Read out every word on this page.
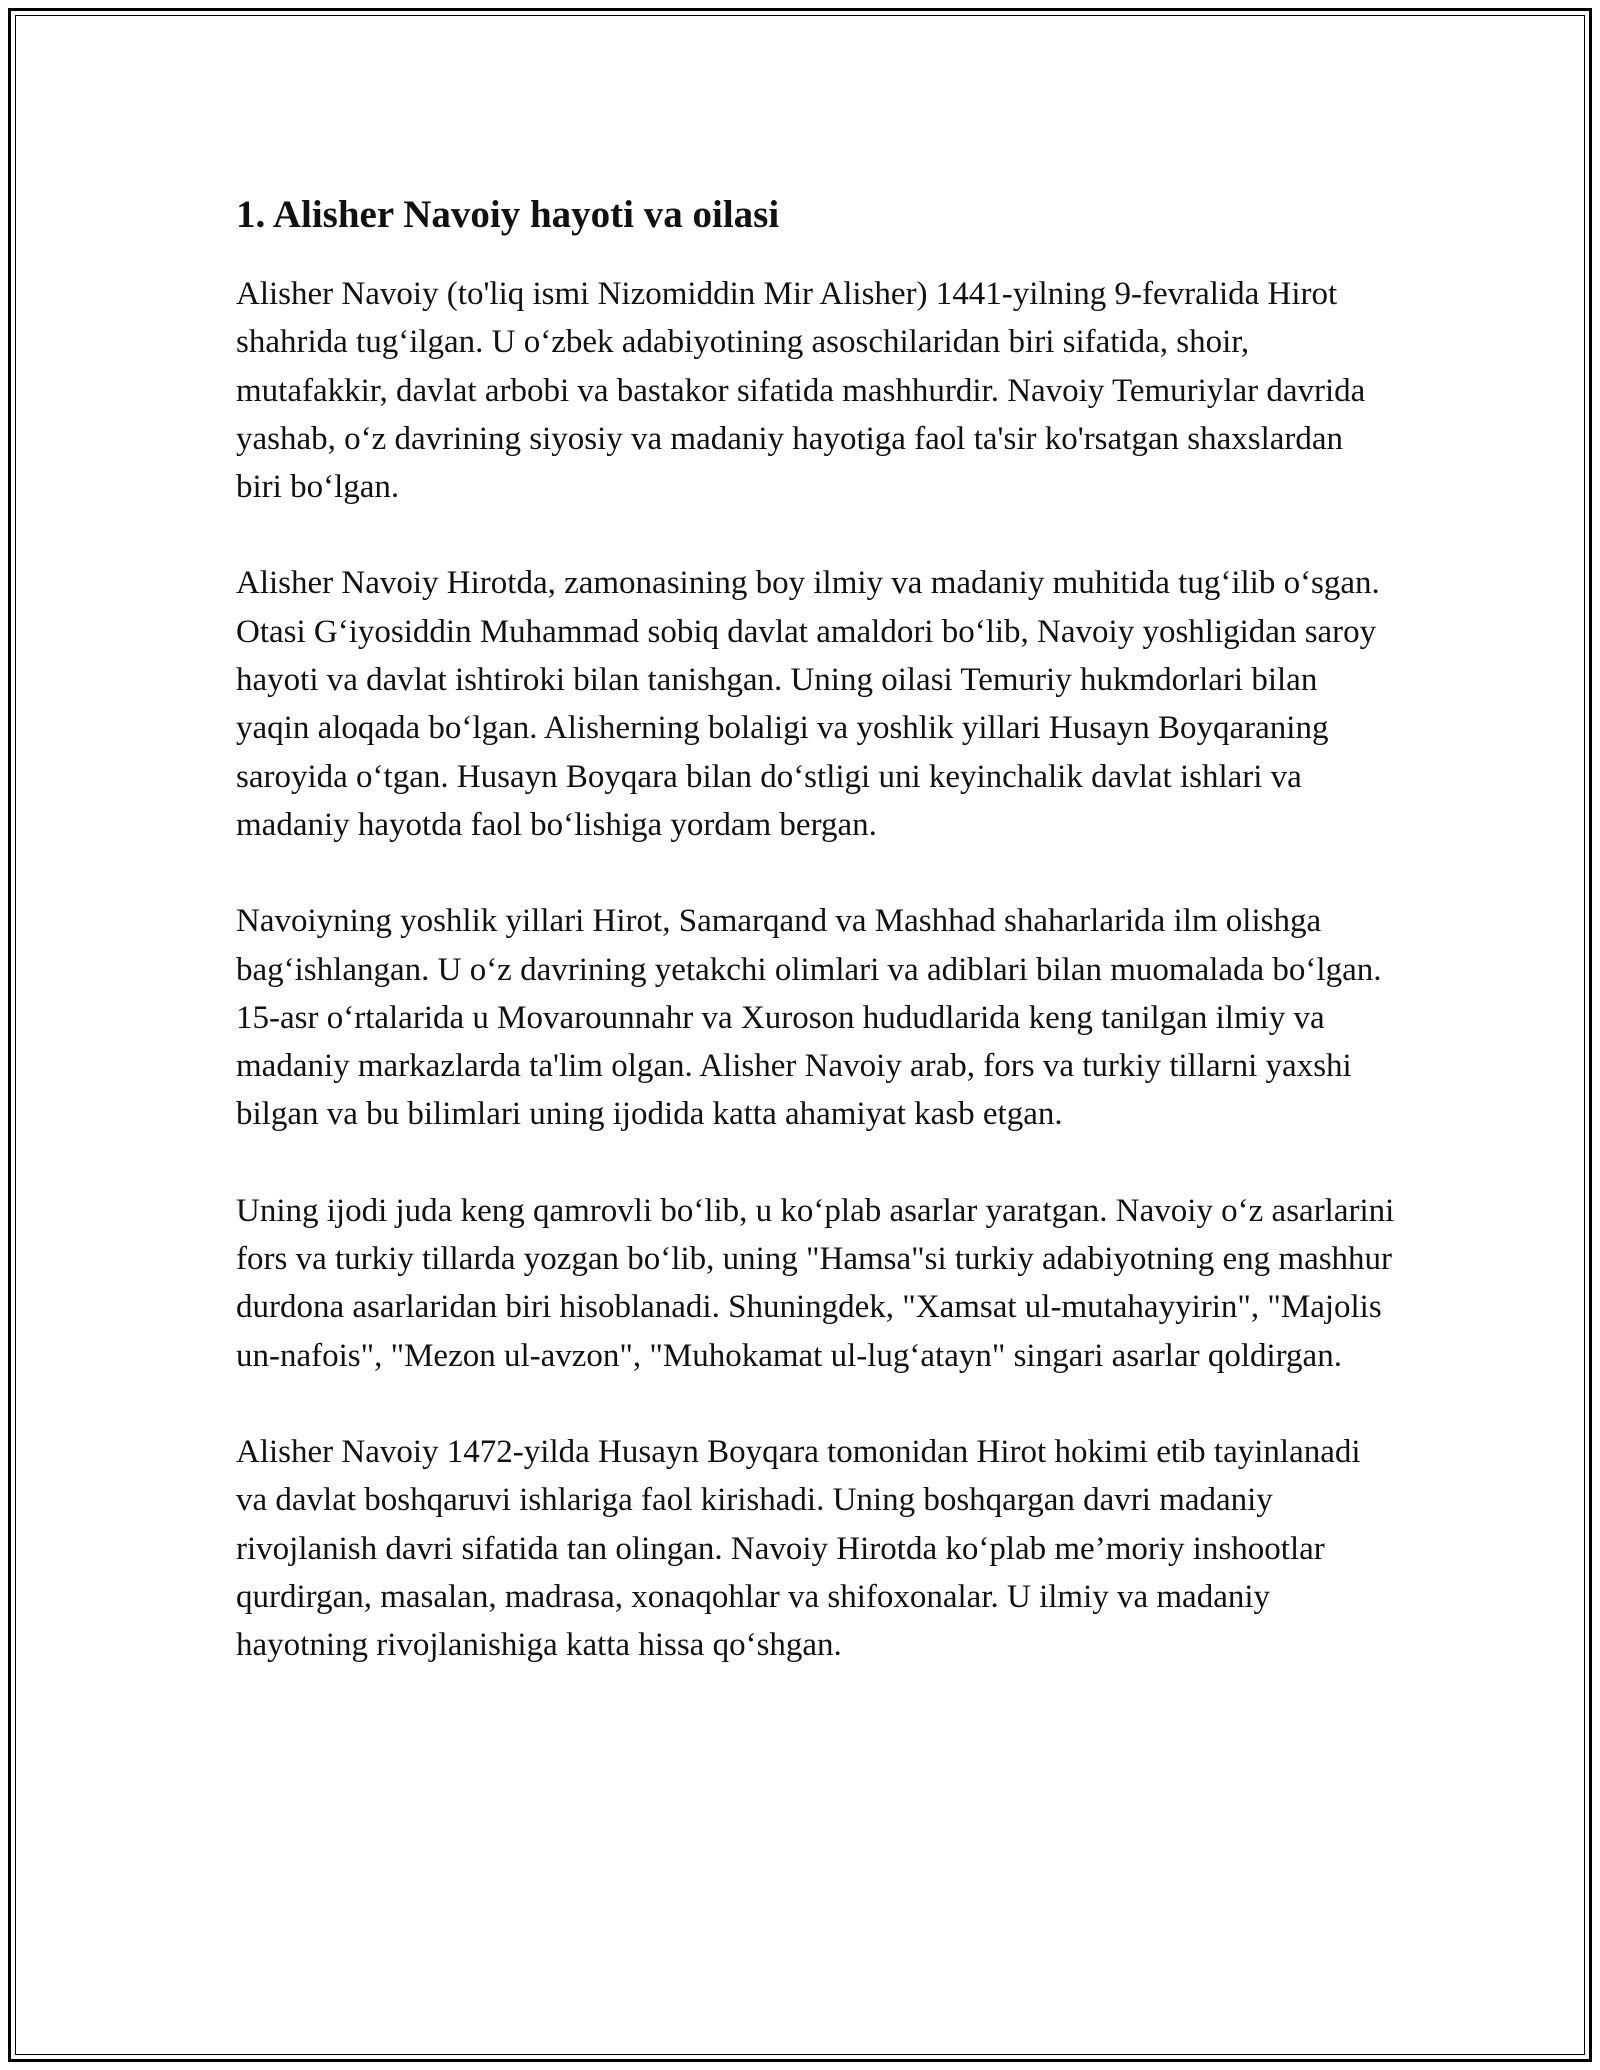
1. Alisher Navoiy hayoti va oilasi

Alisher Navoiy (to'liq ismi Nizomiddin Mir Alisher) 1441-yilning 9-fevralida Hirot shahrida tug‘ilgan. U o‘zbek adabiyotining asoschilaridan biri sifatida, shoir, mutafakkir, davlat arbobi va bastakor sifatida mashhurdir. Navoiy Temuriylar davrida yashab, o‘z davrining siyosiy va madaniy hayotiga faol ta'sir ko'rsatgan shaxslardan biri bo‘lgan.

Alisher Navoiy Hirotda, zamonasining boy ilmiy va madaniy muhitida tug‘ilib o‘sgan. Otasi G‘iyosiddin Muhammad sobiq davlat amaldori bo‘lib, Navoiy yoshligidan saroy hayoti va davlat ishtiroki bilan tanishgan. Uning oilasi Temuriy hukmdorlari bilan yaqin aloqada bo‘lgan. Alisherning bolaligi va yoshlik yillari Husayn Boyqaraning saroyida o‘tgan. Husayn Boyqara bilan do‘stligi uni keyinchalik davlat ishlari va madaniy hayotda faol bo‘lishiga yordam bergan.

Navoiyning yoshlik yillari Hirot, Samarqand va Mashhad shaharlarida ilm olishga bag‘ishlangan. U o‘z davrining yetakchi olimlari va adiblari bilan muomalada bo‘lgan. 15-asr o‘rtalarida u Movarounnahr va Xuroson hududlarida keng tanilgan ilmiy va madaniy markazlarda ta'lim olgan. Alisher Navoiy arab, fors va turkiy tillarni yaxshi bilgan va bu bilimlari uning ijodida katta ahamiyat kasb etgan.

Uning ijodi juda keng qamrovli bo‘lib, u ko‘plab asarlar yaratgan. Navoiy o‘z asarlarini fors va turkiy tillarda yozgan bo‘lib, uning "Hamsa"si turkiy adabiyotning eng mashhur durdona asarlaridan biri hisoblanadi. Shuningdek, "Xamsat ul-mutahayyirin", "Majolis un-nafois", "Mezon ul-avzon", "Muhokamat ul-lug‘atayn" singari asarlar qoldirgan.

Alisher Navoiy 1472-yilda Husayn Boyqara tomonidan Hirot hokimi etib tayinlanadi va davlat boshqaruvi ishlariga faol kirishadi. Uning boshqargan davri madaniy rivojlanish davri sifatida tan olingan. Navoiy Hirotda ko‘plab me’moriy inshootlar qurdirgan, masalan, madrasa, xonaqohlar va shifoxonalar. U ilmiy va madaniy hayotning rivojlanishiga katta hissa qo‘shgan.
